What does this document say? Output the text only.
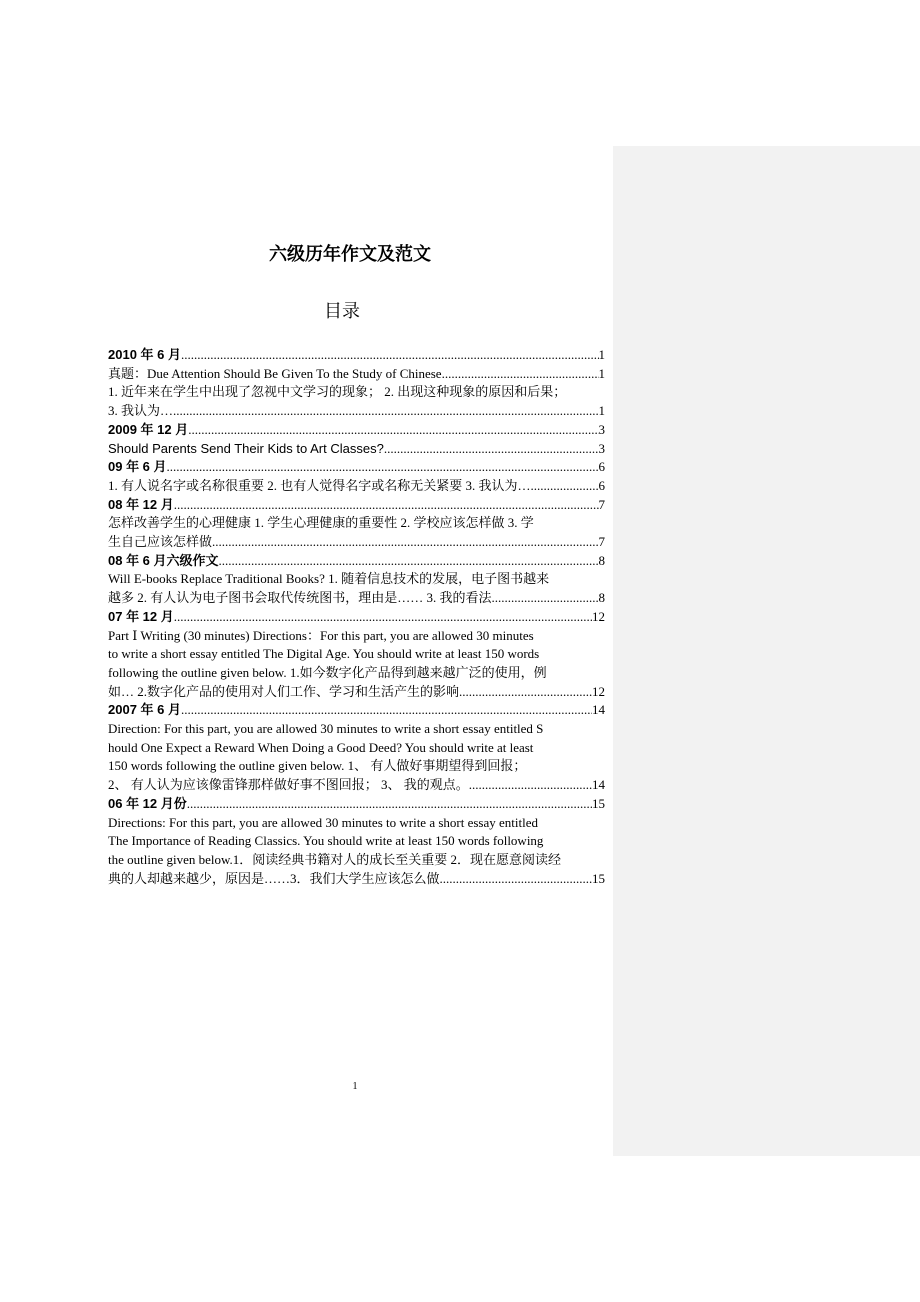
六级历年作文及范文
目录
2010 年 6 月 .....	1
真题：Due Attention Should Be Given To the Study of Chinese .....	1
1. 近年来在学生中出现了忽视中文学习的现象； 2. 出现这种现象的原因和后果；
3. 我认为… .....	1
2009 年 12 月 .....	3
Should Parents Send Their Kids to Art Classes? .....	3
09 年 6 月 .....	6
1. 有人说名字或名称很重要 2. 也有人觉得名字或名称无关紧要 3. 我认为… .....	6
08 年 12 月 .....	7
怎样改善学生的心理健康 1. 学生心理健康的重要性 2. 学校应该怎样做 3. 学
生自己应该怎样做 .....	7
08 年 6 月六级作文 .....	8
Will E-books Replace Traditional Books? 1. 随着信息技术的发展，电子图书越来
越多 2. 有人认为电子图书会取代传统图书，理由是…… 3. 我的看法 .....	8
07 年 12 月 .....	12
Part Ⅰ Writing (30 minutes) Directions：For this part, you are allowed 30 minutes
to write a short essay entitled The Digital Age. You should write at least 150 words
following the outline given below. 1.如今数字化产品得到越来越广泛的使用，例
如… 2.数字化产品的使用对人们工作、学习和生活产生的影响 .....	12
2007 年 6 月 .....	14
Direction: For this part, you are allowed 30 minutes to write a short essay entitled S
hould One Expect a Reward When Doing a Good Deed? You should write at least
150 words following the outline given below. 1、 有人做好事期望得到回报；
2、 有人认为应该像雷锋那样做好事不图回报； 3、 我的观点。 .....	14
06 年 12 月份 .....	15
Directions: For this part, you are allowed 30 minutes to write a short essay entitled
The Importance of Reading Classics. You should write at least 150 words following
the outline given below.1．阅读经典书籍对人的成长至关重要 2．现在愿意阅读经
典的人却越来越少，原因是……3．我们大学生应该怎么做 .....	15
1
